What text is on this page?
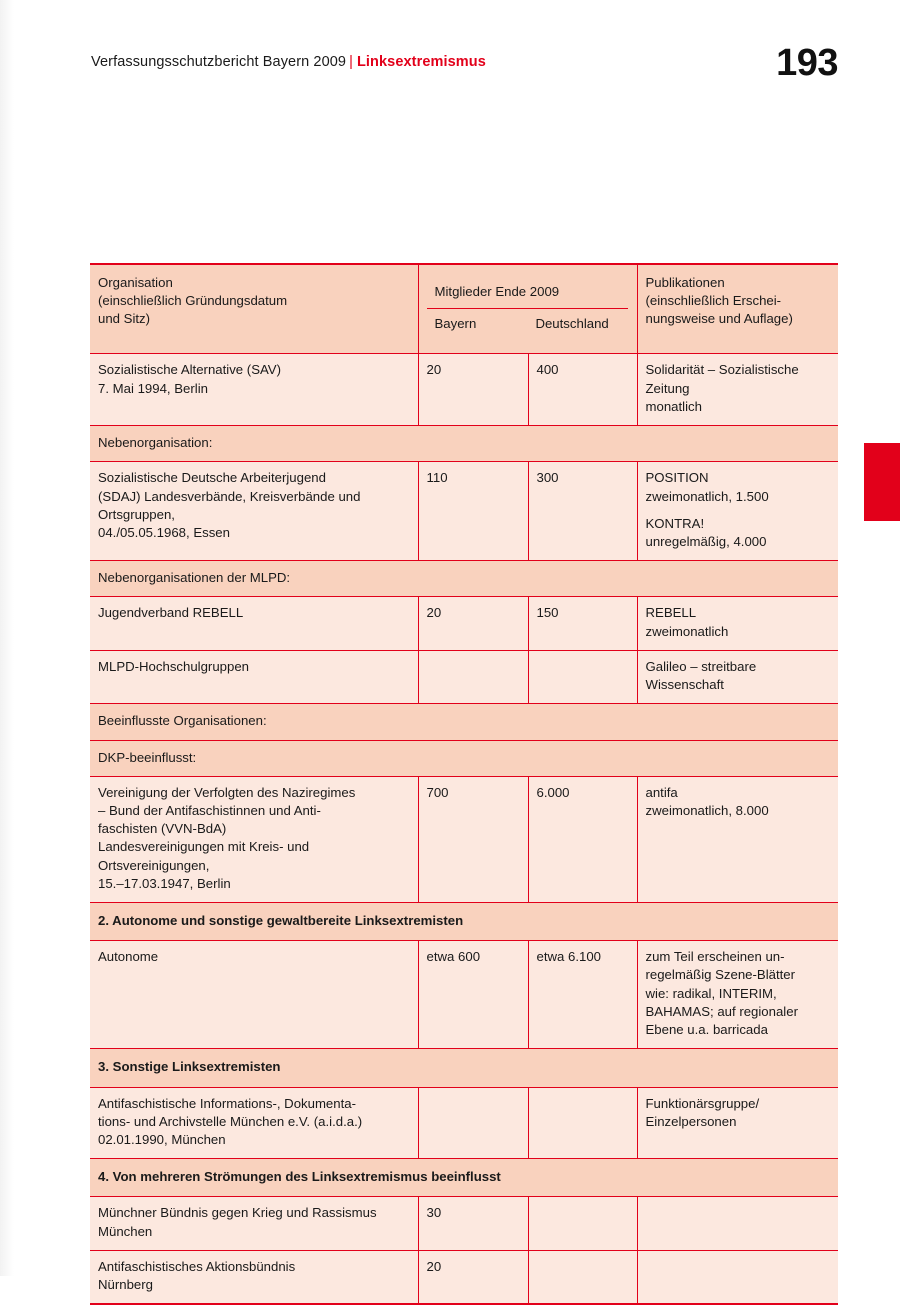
Verfassungsschutzbericht Bayern 2009 | Linksextremismus	193
Organisation
(einschließlich Gründungsdatum
und Sitz)

Mitglieder Ende 2009
Bayern	Deutschland

Publikationen
(einschließlich Erschei-
nungsweise und Auflage)

Sozialistische Alternative (SAV)
7. Mai 1994, Berlin	20	400	Solidarität – Sozialistische
Zeitung
monatlich

Nebenorganisation:			

Sozialistische Deutsche Arbeiterjugend
(SDAJ) Landesverbände, Kreisverbände und
Ortsgruppen,
04./05.05.1968, Essen	110	300	POSITION
zweimonatlich, 1.500
KONTRA!
unregelmäßig, 4.000

Nebenorganisationen der MLPD:			

Jugendverband REBELL	20	150	REBELL
zweimonatlich

MLPD-Hochschulgruppen			Galileo – streitbare
Wissenschaft

Beeinflusste Organisationen:			
DKP-beeinflusst:			

Vereinigung der Verfolgten des Naziregimes
– Bund der Antifaschistinnen und Anti-
faschisten (VVN-BdA)
Landesvereinigungen mit Kreis- und
Ortsvereinigungen,
15.–17.03.1947, Berlin
	700	6.000	antifa
zweimonatlich, 8.000

2. Autonome und sonstige gewaltbereite Linksextremisten			

Autonome	etwa 600	etwa 6.100	zum Teil erscheinen un-
regelmäßig Szene-Blätter
wie: radikal, INTERIM,
BAHAMAS; auf regionaler
Ebene u.a. barricada

3. Sonstige Linksextremisten			

Antifaschistische Informations-, Dokumenta-
tions- und Archivstelle München e.V. (a.i.d.a.)
02.01.1990, München			Funktionärsgruppe/
Einzelpersonen

4. Von mehreren Strömungen des Linksextremismus beeinflusst			

Münchner Bündnis gegen Krieg und Rassismus
München	30		

Antifaschistisches Aktionsbündnis
Nürnberg	20		
